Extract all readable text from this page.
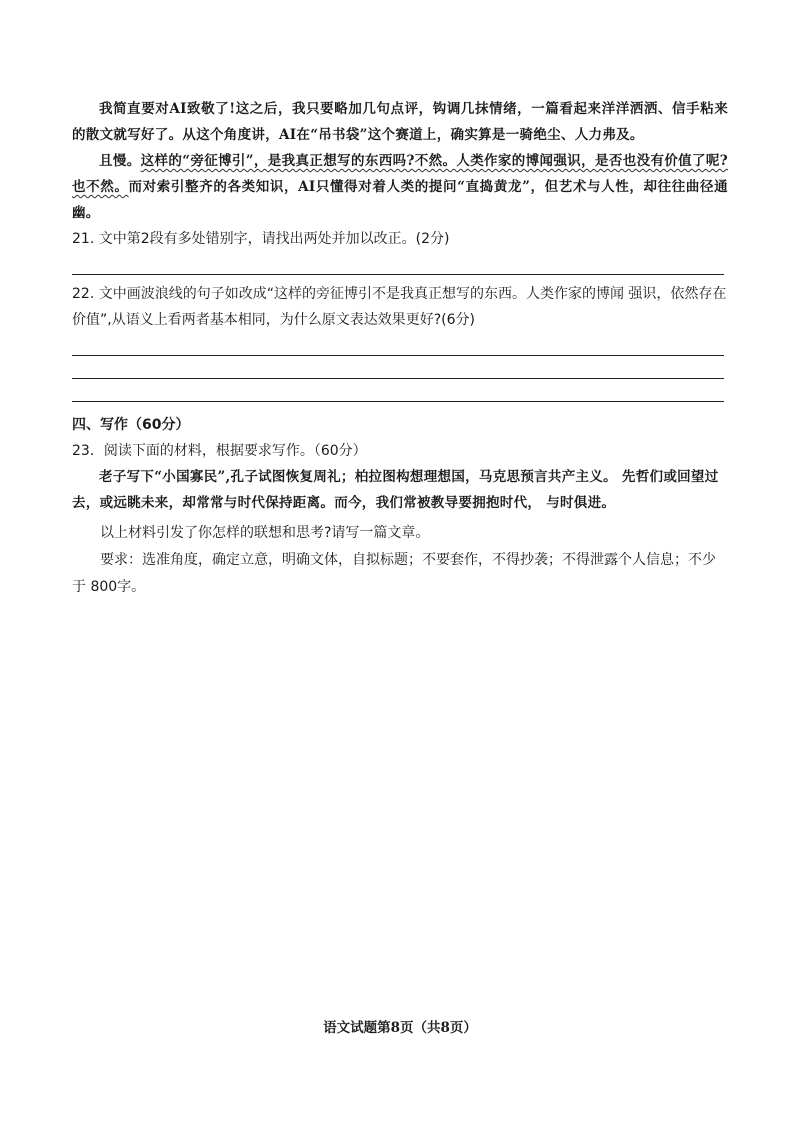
我简直要对AI致敬了!这之后，我只要略加几句点评，钩调几抹情绪，一篇看起来洋洋洒洒、信手粘来的散文就写好了。从这个角度讲，AI在“吊书袋”这个赛道上，确实算是一骑绝尘、人力弗及。

且慢。这样的“旁征博引”，是我真正想写的东西吗?不然。人类作家的博闻强识，是否也没有价值了呢?也不然。而对索引整齐的各类知识，AI只懂得对着人类的提问“直捣黄龙”，但艺术与人性，却往往曲径通幽。

21. 文中第2段有多处错别字，请找出两处并加以改正。(2分)

22. 文中画波浪线的句子如改成“这样的旁征博引不是我真正想写的东西。人类作家的博闻 强识，依然存在价值”,从语义上看两者基本相同，为什么原文表达效果更好?(6分)

四、写作（60分）

23．阅读下面的材料，根据要求写作。（60分）

老子写下“小国寡民”,孔子试图恢复周礼；柏拉图构想理想国，马克思预言共产主义。 先哲们或回望过去，或远眺未来，却常常与时代保持距离。而今，我们常被教导要拥抱时代， 与时俱进。

以上材料引发了你怎样的联想和思考?请写一篇文章。

要求：选准角度，确定立意，明确文体，自拟标题；不要套作，不得抄袭；不得泄露个人信息；不少于 800字。

语文试题第8页（共8页）
